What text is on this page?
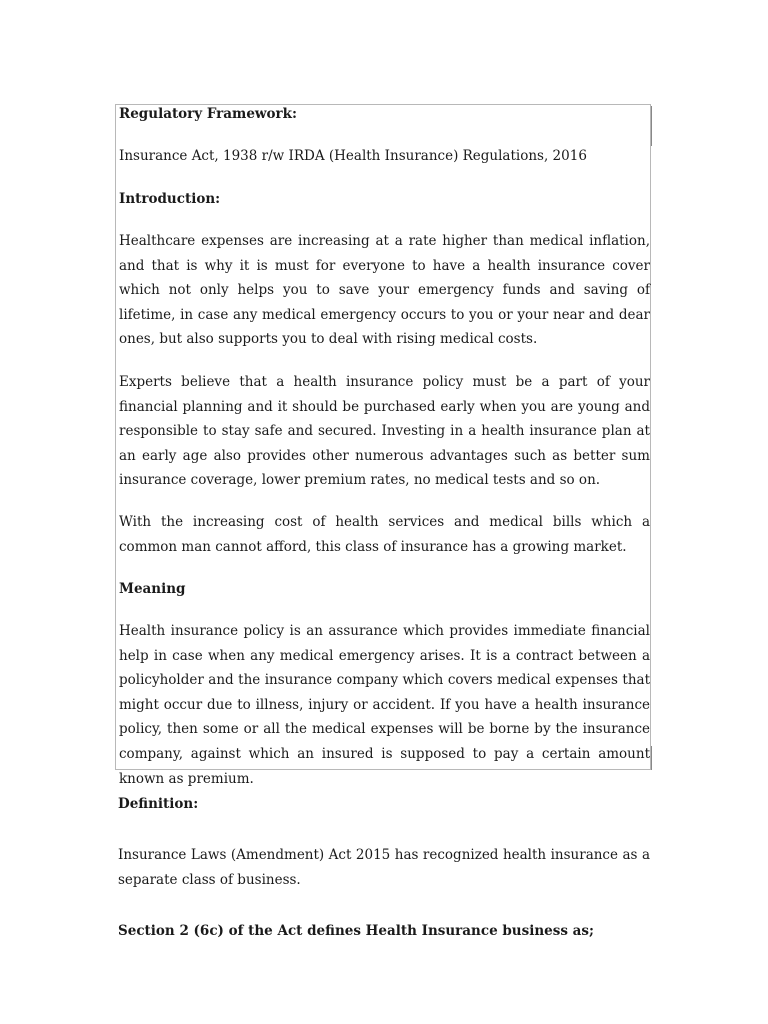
Regulatory Framework:

Insurance Act, 1938 r/w IRDA (Health Insurance) Regulations, 2016

Introduction:

Healthcare expenses are increasing at a rate higher than medical inflation, and that is why it is must for everyone to have a health insurance cover which not only helps you to save your emergency funds and saving of lifetime, in case any medical emergency occurs to you or your near and dear ones, but also supports you to deal with rising medical costs.

Experts believe that a health insurance policy must be a part of your financial planning and it should be purchased early when you are young and responsible to stay safe and secured. Investing in a health insurance plan at an early age also provides other numerous advantages such as better sum insurance coverage, lower premium rates, no medical tests and so on.

With the increasing cost of health services and medical bills which a common man cannot afford, this class of insurance has a growing market.

Meaning

Health insurance policy is an assurance which provides immediate financial help in case when any medical emergency arises. It is a contract between a policyholder and the insurance company which covers medical expenses that might occur due to illness, injury or accident. If you have a health insurance policy, then some or all the medical expenses will be borne by the insurance company, against which an insured is supposed to pay a certain amount known as premium.

Definition:

Insurance Laws (Amendment) Act 2015 has recognized health insurance as a separate class of business.

Section 2 (6c) of the Act defines Health Insurance business as;
